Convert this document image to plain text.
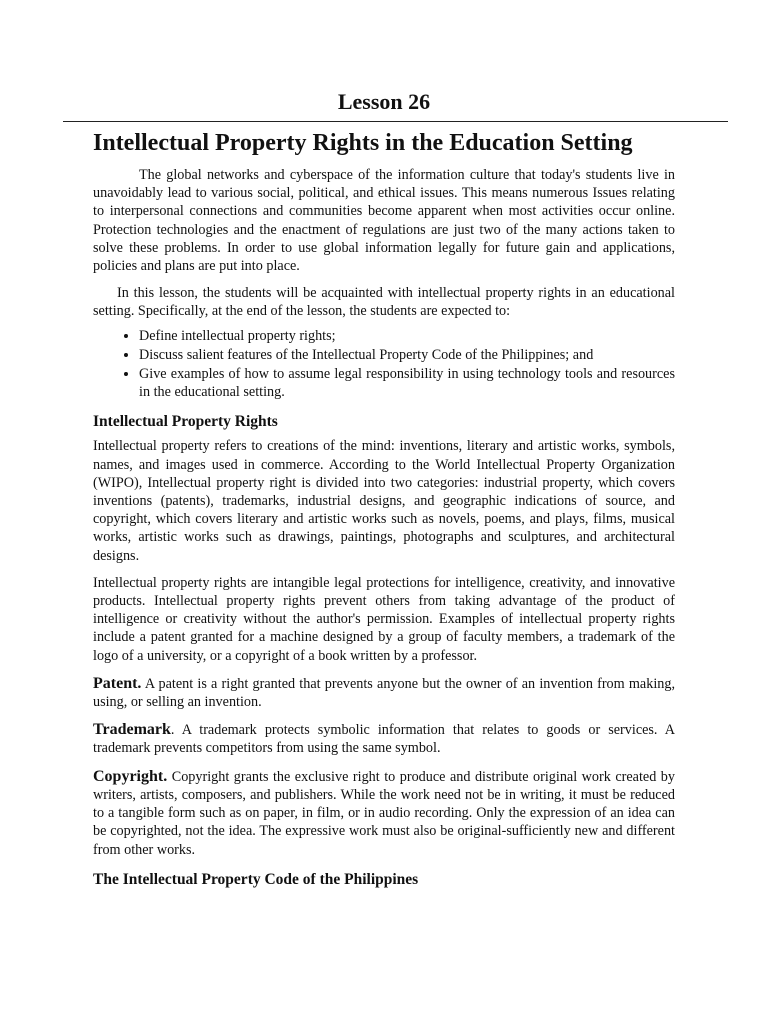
Lesson 26
Intellectual Property Rights in the Education Setting

The global networks and cyberspace of the information culture that today's students live in unavoidably lead to various social, political, and ethical issues. This means numerous Issues relating to interpersonal connections and communities become apparent when most activities occur online. Protection technologies and the enactment of regulations are just two of the many actions taken to solve these problems. In order to use global information legally for future gain and applications, policies and plans are put into place.

In this lesson, the students will be acquainted with intellectual property rights in an educational setting. Specifically, at the end of the lesson, the students are expected to:

• Define intellectual property rights;
• Discuss salient features of the Intellectual Property Code of the Philippines; and
• Give examples of how to assume legal responsibility in using technology tools and resources in the educational setting.
Intellectual Property Rights

Intellectual property refers to creations of the mind: inventions, literary and artistic works, symbols, names, and images used in commerce. According to the World Intellectual Property Organization (WIPO), Intellectual property right is divided into two categories: industrial property, which covers inventions (patents), trademarks, industrial designs, and geographic indications of source, and copyright, which covers literary and artistic works such as novels, poems, and plays, films, musical works, artistic works such as drawings, paintings, photographs and sculptures, and architectural designs.

Intellectual property rights are intangible legal protections for intelligence, creativity, and innovative products. Intellectual property rights prevent others from taking advantage of the product of intelligence or creativity without the author's permission. Examples of intellectual property rights include a patent granted for a machine designed by a group of faculty members, a trademark of the logo of a university, or a copyright of a book written by a professor.

Patent. A patent is a right granted that prevents anyone but the owner of an invention from making, using, or selling an invention.

Trademark. A trademark protects symbolic information that relates to goods or services. A trademark prevents competitors from using the same symbol.

Copyright. Copyright grants the exclusive right to produce and distribute original work created by writers, artists, composers, and publishers. While the work need not be in writing, it must be reduced to a tangible form such as on paper, in film, or in audio recording. Only the expression of an idea can be copyrighted, not the idea. The expressive work must also be original-sufficiently new and different from other works.

The Intellectual Property Code of the Philippines
